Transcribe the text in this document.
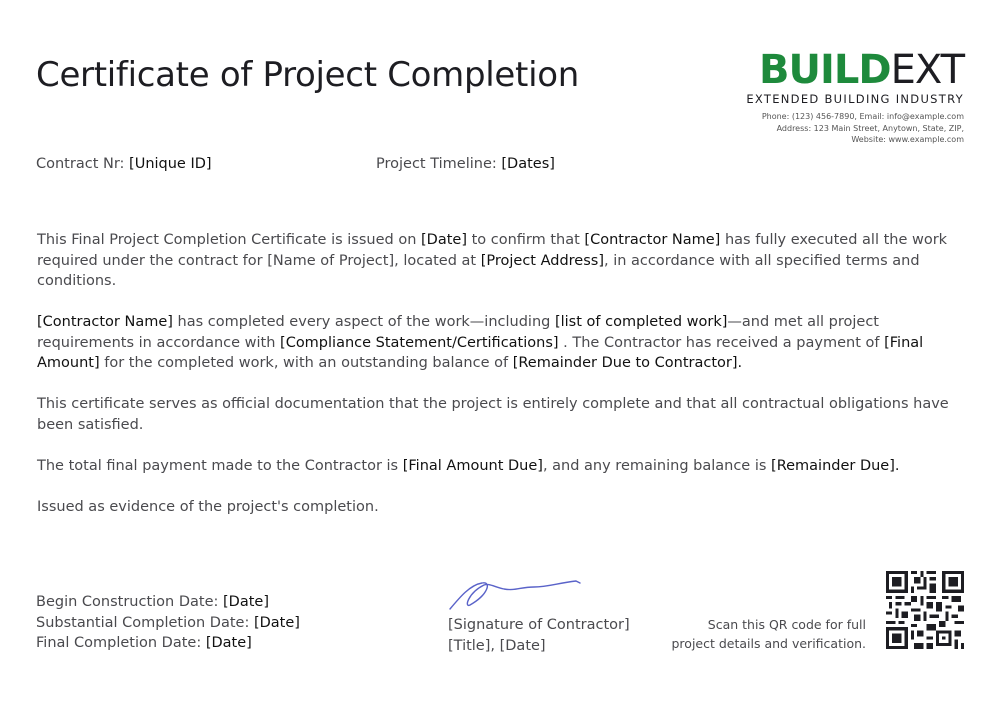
Certificate of Project Completion	BUILDEXT
EXTENDED BUILDING INDUSTRY
Phone: (123) 456-7890, Email: info@example.com
Address: 123 Main Street, Anytown, State, ZIP,
Website: www.example.com
Contract Nr: [Unique ID]	Project Timeline: [Dates]

This Final Project Completion Certificate is issued on [Date] to confirm that [Contractor Name] has fully executed all the work required under the contract for [Name of Project], located at [Project Address], in accordance with all specified terms and conditions.

[Contractor Name] has completed every aspect of the work—including [list of completed work]—and met all project requirements in accordance with [Compliance Statement/Certifications] . The Contractor has received a payment of [Final Amount] for the completed work, with an outstanding balance of [Remainder Due to Contractor].

This certificate serves as official documentation that the project is entirely complete and that all contractual obligations have been satisfied.

The total final payment made to the Contractor is [Final Amount Due], and any remaining balance is [Remainder Due].

Issued as evidence of the project's completion.

Begin Construction Date: [Date]
Substantial Completion Date: [Date]
Final Completion Date: [Date]
[Signature of Contractor]
[Title], [Date]
Scan this QR code for full
project details and verification.
